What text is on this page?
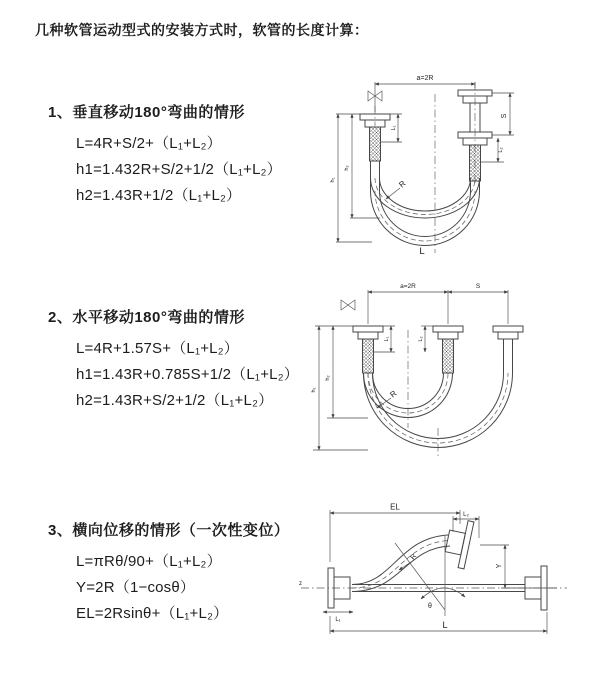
几种软管运动型式的安装方式时，软管的长度计算：
1、垂直移动180°弯曲的情形
L=4R+S/2+（L₁+L₂）
h1=1.432R+S/2+1/2（L₁+L₂）
h2=1.43R+1/2（L₁+L₂）
2、水平移动180°弯曲的情形
L=4R+1.57S+（L₁+L₂）
h1=1.43R+0.785S+1/2（L₁+L₂）
h2=1.43R+S/2+1/2（L₁+L₂）
3、横向位移的情形（一次性变位）
L=πRθ/90+（L₁+L₂）
Y=2R（1−cosθ）
EL=2Rsinθ+（L₁+L₂）
a=2R
S
L₁
L₂
h₂
h₁	R
L
a=2R	S
L₁	L₂
h₂
h₁	R
z
EL
L₂
Y
θ
R
L₁	L
